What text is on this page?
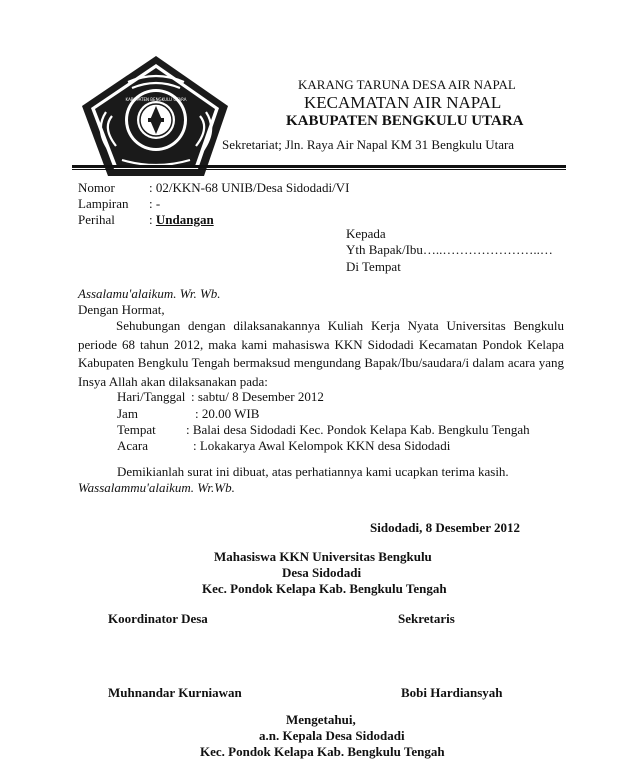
KABUPATEN BENGKULU UTARA
KARANG TARUNA DESA AIR NAPAL
KECAMATAN AIR NAPAL
KABUPATEN BENGKULU UTARA
Sekretariat; Jln. Raya Air Napal KM 31 Bengkulu Utara
Nomor	: 02/KKN-68 UNIB/Desa Sidodadi/VI
Lampiran : -
Perihal	: Undangan
Kepada
Yth Bapak/Ibu…..…………………..…
Di Tempat
Assalamu'alaikum. Wr. Wb.
Dengan Hormat,
Sehubungan dengan dilaksanakannya Kuliah Kerja Nyata Universitas Bengkulu periode 68 tahun 2012, maka kami mahasiswa KKN Sidodadi Kecamatan Pondok Kelapa Kabupaten Bengkulu Tengah bermaksud mengundang Bapak/Ibu/saudara/i dalam acara yang Insya Allah akan dilaksanakan pada:
Hari/Tanggal : sabtu/ 8 Desember 2012
Jam	: 20.00 WIB
Tempat : Balai desa Sidodadi Kec. Pondok Kelapa Kab. Bengkulu Tengah
Acara	: Lokakarya Awal Kelompok KKN desa Sidodadi
Demikianlah surat ini dibuat, atas perhatiannya kami ucapkan terima kasih.
Wassalammu'alaikum. Wr.Wb.
Sidodadi, 8 Desember 2012
Mahasiswa KKN Universitas Bengkulu
Desa Sidodadi
Kec. Pondok Kelapa Kab. Bengkulu Tengah
Koordinator Desa	Sekretaris
Muhnandar Kurniawan	Bobi Hardiansyah
Mengetahui,
a.n. Kepala Desa Sidodadi
Kec. Pondok Kelapa Kab. Bengkulu Tengah
